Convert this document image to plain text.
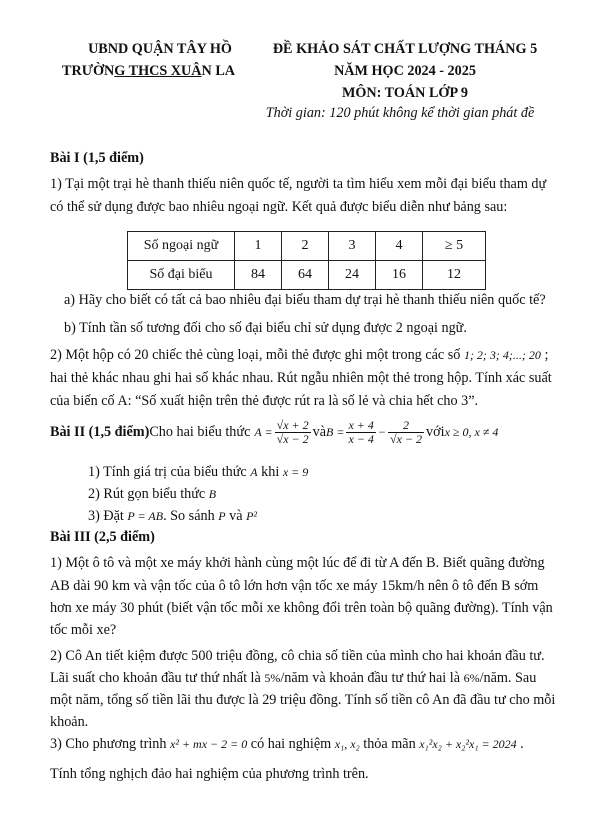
UBND QUẬN TÂY HỒ
TRƯỜNG THCS XUÂN LA
ĐỀ KHẢO SÁT CHẤT LƯỢNG THÁNG 5
NĂM HỌC 2024 - 2025
MÔN: TOÁN LỚP 9
Thời gian: 120 phút không kể thời gian phát đề
Bài I (1,5 điểm)
1) Tại một trại hè thanh thiếu niên quốc tế, người ta tìm hiểu xem mỗi đại biểu tham dự
có thể sử dụng được bao nhiêu ngoại ngữ. Kết quả được biểu diễn như bảng sau:
Số ngoại ngữ	1	2	3	4	≥ 5
Số đại biểu	84	64	24	16	12
a) Hãy cho biết có tất cả bao nhiêu đại biểu tham dự trại hè thanh thiếu niên quốc tế?
b) Tính tần số tương đối cho số đại biểu chỉ sử dụng được 2 ngoại ngữ.
2) Một hộp có 20 chiếc thẻ cùng loại, mỗi thẻ được ghi một trong các số 1; 2; 3; 4;...; 20 ;
hai thẻ khác nhau ghi hai số khác nhau. Rút ngẫu nhiên một thẻ trong hộp. Tính xác suất
của biến cố A: “Số xuất hiện trên thẻ được rút ra là số lẻ và chia hết cho 3”.
Bài II (1,5 điểm) Cho hai biểu thức $A = \frac{√x + 2}{√x - 2}$ và $B = \frac{x + 4}{x - 4} - \frac{2}{√x - 2}$ với x ≥ 0, x ≠ 4
1) Tính giá trị của biểu thức A khi x = 9
2) Rút gọn biểu thức B
3) Đặt P = AB. So sánh P và P²
Bài III (2,5 điểm)
1) Một ô tô và một xe máy khởi hành cùng một lúc để đi từ A đến B. Biết quãng đường
AB dài 90 km và vận tốc của ô tô lớn hơn vận tốc xe máy 15km/h nên ô tô đến B sớm
hơn xe máy 30 phút (biết vận tốc mỗi xe không đổi trên toàn bộ quãng đường). Tính vận
tốc mỗi xe?
2) Cô An tiết kiệm được 500 triệu đồng, cô chia số tiền của mình cho hai khoản đầu tư.
Lãi suất cho khoản đầu tư thứ nhất là 5%/năm và khoản đầu tư thứ hai là 6%/năm. Sau
một năm, tổng số tiền lãi thu được là 29 triệu đồng. Tính số tiền cô An đã đầu tư cho mỗi
khoản.
3) Cho phương trình x² + mx − 2 = 0 có hai nghiệm x₁, x₂ thỏa mãn x₁²x₂ + x₂²x₁ = 2024 .
Tính tổng nghịch đảo hai nghiệm của phương trình trên.
